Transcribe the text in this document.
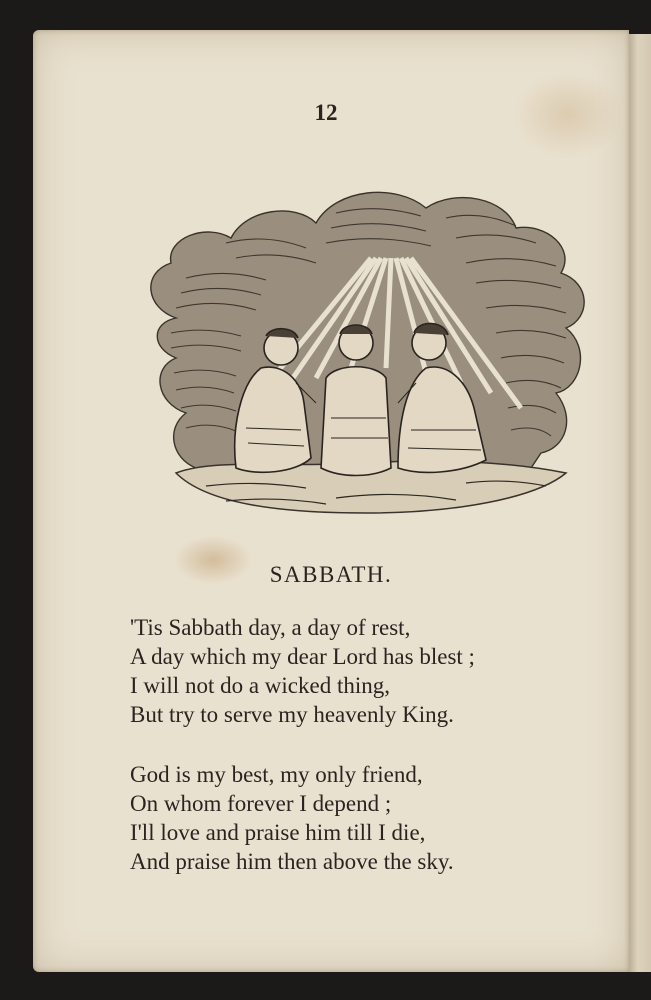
12
SABBATH.
'Tis Sabbath day, a day of rest,
A day which my dear Lord has blest ;
I will not do a wicked thing,
But try to serve my heavenly King.
God is my best, my only friend,
On whom forever I depend ;
I'll love and praise him till I die,
And praise him then above the sky.
